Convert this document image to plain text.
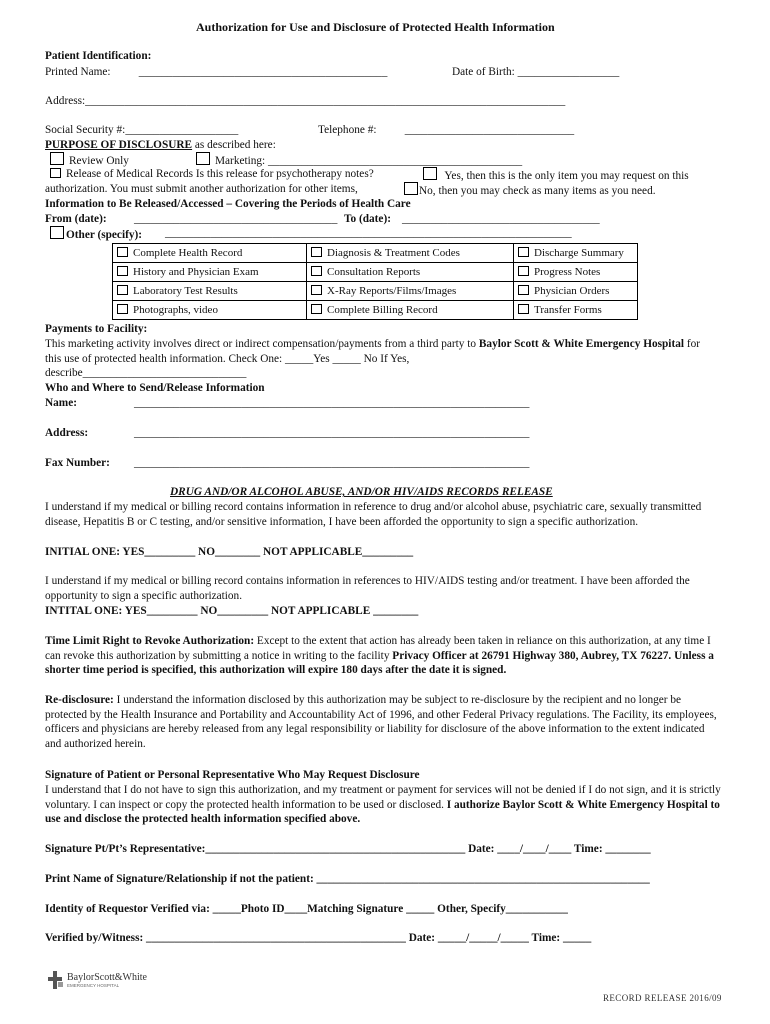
Authorization for Use and Disclosure of Protected Health Information
Patient Identification:
Printed Name:          ____________________________________________	Date of Birth: __________________
Address:_____________________________________________________________________________________
Social Security #:____________________	Telephone #:          ______________________________
PURPOSE OF DISCLOSURE as described here:
Review Only	Marketing: _____________________________________________
Release of Medical Records Is this release for psychotherapy notes?	Yes, then this is the only item you may request on this
authorization. You must submit another authorization for other items,	No, then you may check as many items as you need.
Information to Be Released/Accessed – Covering the Periods of Health Care
From (date): ____________________________________ To (date): ___________________________________
Other (specify): ________________________________________________________________________
Complete Health Record	Diagnosis & Treatment Codes	Discharge Summary
History and Physician Exam	Consultation Reports	Progress Notes
Laboratory Test Results	X-Ray Reports/Films/Images	Physician Orders
Photographs, video	Complete Billing Record	Transfer Forms
Payments to Facility:
This marketing activity involves direct or indirect compensation/payments from a third party to Baylor Scott & White Emergency Hospital for this use of protected health information. Check One: _____Yes _____ No If Yes,
describe_____________________________
Who and Where to Send/Release Information
Name:	______________________________________________________________________
Address:	______________________________________________________________________
Fax Number: ______________________________________________________________________
DRUG AND/OR ALCOHOL ABUSE, AND/OR HIV/AIDS RECORDS RELEASE
I understand if my medical or billing record contains information in reference to drug and/or alcohol abuse, psychiatric care, sexually transmitted disease, Hepatitis B or C testing, and/or sensitive information, I have been afforded the opportunity to sign a specific authorization.
INITIAL ONE: YES_________ NO________ NOT APPLICABLE_________
I understand if my medical or billing record contains information in references to HIV/AIDS testing and/or treatment. I have been afforded the opportunity to sign a specific authorization.
INTITAL ONE: YES_________ NO_________ NOT APPLICABLE ________
Time Limit Right to Revoke Authorization: Except to the extent that action has already been taken in reliance on this authorization, at any time I can revoke this authorization by submitting a notice in writing to the facility Privacy Officer at 26791 Highway 380, Aubrey, TX 76227. Unless a shorter time period is specified, this authorization will expire 180 days after the date it is signed.
Re-disclosure: I understand the information disclosed by this authorization may be subject to re-disclosure by the recipient and no longer be protected by the Health Insurance and Portability and Accountability Act of 1996, and other Federal Privacy regulations. The Facility, its employees, officers and physicians are hereby released from any legal responsibility or liability for disclosure of the above information to the extent indicated and authorized herein.
Signature of Patient or Personal Representative Who May Request Disclosure
I understand that I do not have to sign this authorization, and my treatment or payment for services will not be denied if I do not sign, and it is strictly voluntary. I can inspect or copy the protected health information to be used or disclosed. I authorize Baylor Scott & White Emergency Hospital to use and disclose the protected health information specified above.
Signature Pt/Pt’s Representative:______________________________________________ Date: ____/____/____ Time: ________
Print Name of Signature/Relationship if not the patient: ___________________________________________________________
Identity of Requestor Verified via: _____Photo ID____Matching Signature _____ Other, Specify___________
Verified by/Witness: ______________________________________________ Date: _____/_____/_____ Time: _____
BaylorScott&White
EMERGENCY HOSPITAL
RECORD RELEASE 2016/09
